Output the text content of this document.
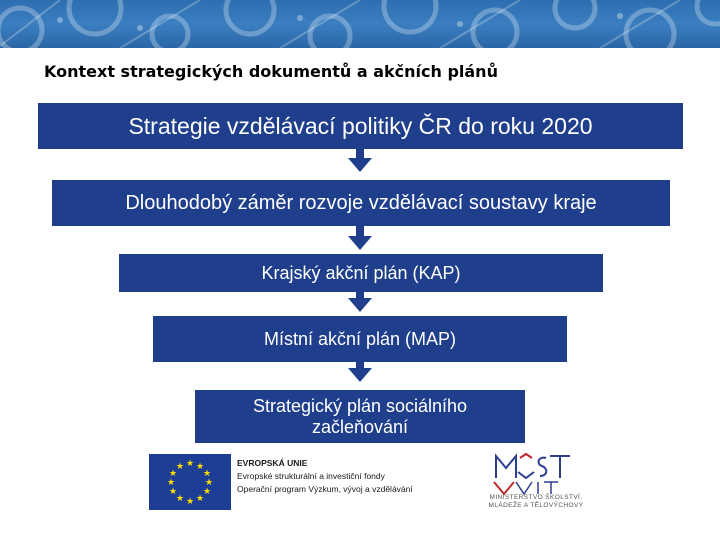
Kontext strategických dokumentů a akčních plánů
Strategie vzdělávací politiky ČR do roku 2020
Dlouhodobý záměr rozvoje vzdělávací soustavy kraje
Krajský akční plán (KAP)
Místní akční plán (MAP)
Strategický plán sociálního
začleňování
★ ★
★
★
★
★
★
★
★
★
★
★	EVROPSKÁ UNIE
Evropské strukturální a investiční fondy
Operační program Výzkum, vývoj a vzdělávání
MINISTERSTVO ŠKOLSTVÍ,
MLÁDEŽE A TĚLOVÝCHOVY
